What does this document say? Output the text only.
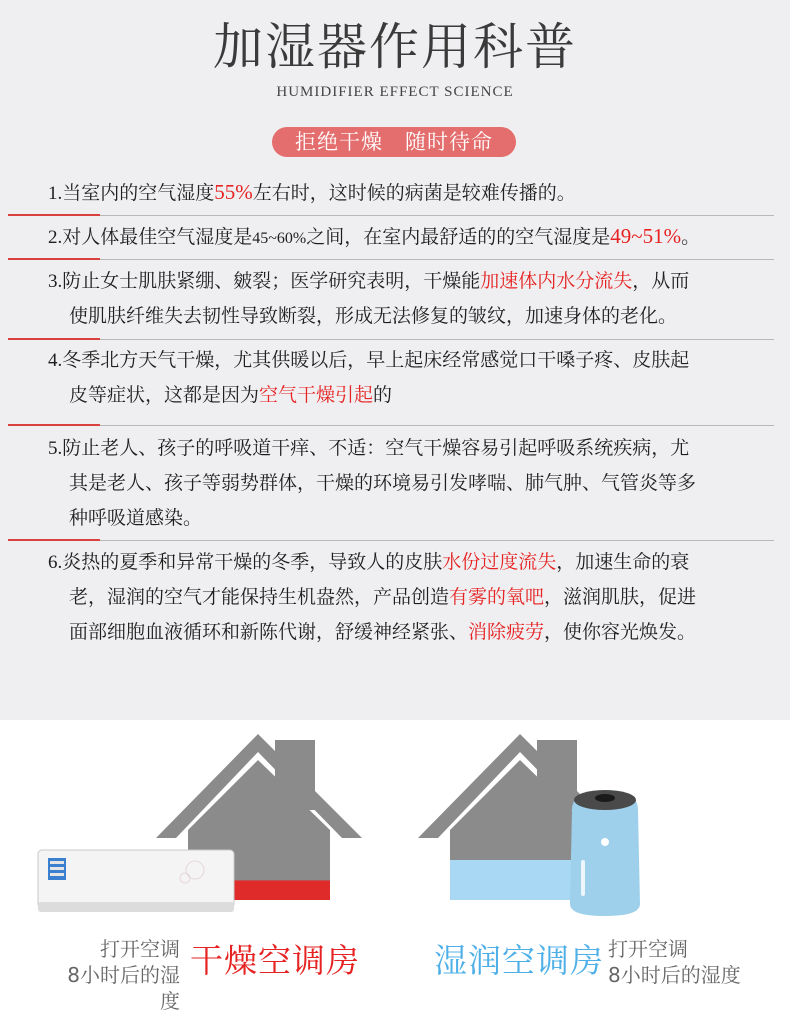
加湿器作用科普
HUMIDIFIER EFFECT SCIENCE
拒绝干燥 随时待命
1.当室内的空气湿度55%左右时，这时候的病菌是较难传播的。
2.对人体最佳空气湿度是45~60%之间，在室内最舒适的的空气湿度是49~51%。
3.防止女士肌肤紧绷、皴裂；医学研究表明，干燥能加速体内水分流失，从而
使肌肤纤维失去韧性导致断裂，形成无法修复的皱纹，加速身体的老化。
4.冬季北方天气干燥，尤其供暖以后，早上起床经常感觉口干嗓子疼、皮肤起
皮等症状，这都是因为空气干燥引起的
5.防止老人、孩子的呼吸道干痒、不适：空气干燥容易引起呼吸系统疾病，尤
其是老人、孩子等弱势群体，干燥的环境易引发哮喘、肺气肿、气管炎等多
种呼吸道感染。
6.炎热的夏季和异常干燥的冬季，导致人的皮肤水份过度流失，加速生命的衰
老，湿润的空气才能保持生机盎然，产品创造有雾的氧吧，滋润肌肤，促进
面部细胞血液循环和新陈代谢，舒缓神经紧张、消除疲劳，使你容光焕发。
打开空调
8小时后的湿度
干燥空调房 湿润空调房 打开空调
8小时后的湿度
